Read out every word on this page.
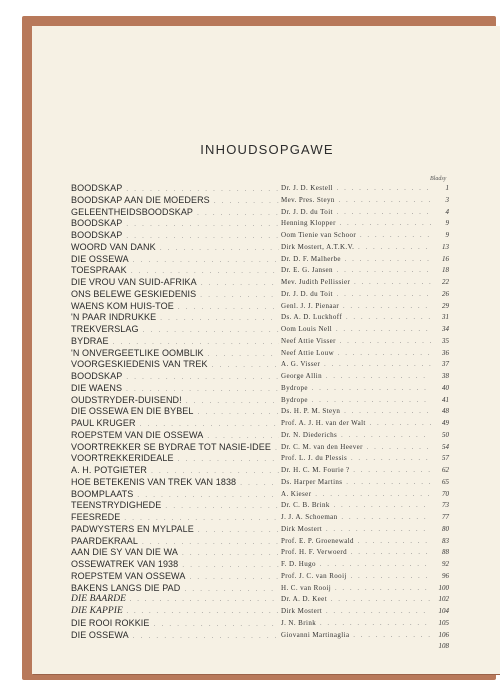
INHOUDSOPGAWE
Bladsy
BOODSKAP . . .	Dr. J. D. Kestell . . .	1
BOODSKAP AAN DIE MOEDERS . . .	Mev. Pres. Steyn . . .	3
GELEENTHEIDSBOODSKAP . . .	Dr. J. D. du Toit . . .	4
BOODSKAP . . .	Henning Klopper . . .	9
BOODSKAP . . .	Oom Tienie van Schoor . . .	9
WOORD VAN DANK . . .	Dirk Mostert, A.T.K.V. . . .	13
DIE OSSEWA . . .	Dr. D. F. Malherbe . . .	16
TOESPRAAK . . .	Dr. E. G. Jansen . . .	18
DIE VROU VAN SUID-AFRIKA . . .	Mev. Judith Pellissier . . .	22
ONS BELEWE GESKIEDENIS . . .	Dr. J. D. du Toit . . .	26
WAENS KOM HUIS-TOE . . .	Genl. J. J. Pienaar . . .	29
'N PAAR INDRUKKE . . .	Ds. A. D. Luckhoff . . .	31
TREKVERSLAG . . .	Oom Louis Nell . . .	34
BYDRAE . . .	Neef Attie Visser . . .	35
'N ONVERGEETLIKE OOMBLIK . . .	Neef Attie Louw . . .	36
VOORGESKIEDENIS VAN TREK . . .	A. G. Visser . . .	37
BOODSKAP . . .	George Allin . . .	38
DIE WAENS . . .	Bydrope . . .	40
OUDSTRYDER-DUISEND! . . .	Bydrope . . .	41
DIE OSSEWA EN DIE BYBEL . . .	Ds. H. P. M. Steyn . . .	48
PAUL KRUGER . . .	Prof. A. J. H. van der Walt . . .	49
ROEPSTEM VAN DIE OSSEWA . . .	Dr. N. Diederichs . . .	50
VOORTREKKER SE BYDRAE TOT NASIE-IDEE . . .	Dr. C. M. van den Heever . . .	54
VOORTREKKERIDEALE . . .	Prof. L. J. du Plessis . . .	57
A. H. POTGIETER . . .	Dr. H. C. M. Fourie ? . . .	62
HOE BETEKENIS VAN TREK VAN 1838 . . .	Ds. Harper Martins . . .	65
BOOMPLAATS . . .	A. Kieser . . .	70
TEENSTRYDIGHEDE . . .	Dr. C. B. Brink . . .	73
FEESREDE . . .	J. J. A. Schoeman . . .	77
PADWYSTERS EN MYLPALE . . .	Dirk Mostert . . .	80
PAARDEKRAAL . . .	Prof. E. P. Groenewald . . .	83
AAN DIE SY VAN DIE WA . . .	Prof. H. F. Verwoerd . . .	88
OSSEWATREK VAN 1938 . . .	F. D. Hugo . . .	92
ROEPSTEM VAN OSSEWA . . .	Prof. J. C. van Rooij . . .	96
BAKENS LANGS DIE PAD . . .	H. C. van Rooij . . .	100
DIE BAARDE . . .	Dr. A. D. Keet . . .	102
DIE KAPPIE . . .	Dirk Mostert . . .	104
DIE ROOI ROKKIE . . .	J. N. Brink . . .	105
DIE OSSEWA . . .	Giovanni Martinaglia . . .	106
108
